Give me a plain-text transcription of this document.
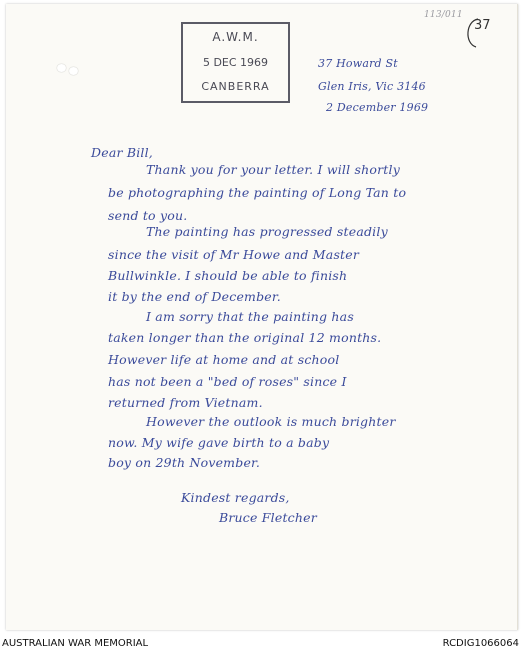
A.W.M.
5 DEC 1969
CANBERRA
37
113/011
37 Howard St
Glen Iris, Vic 3146
2 December 1969
Dear Bill,
Thank you for your letter. I will shortly
be photographing the painting of Long Tan to
send to you.
The painting has progressed steadily
since the visit of Mr Howe and Master
Bullwinkle. I should be able to finish
it by the end of December.
I am sorry that the painting has
taken longer than the original 12 months.
However life at home and at school
has not been a "bed of roses" since I
returned from Vietnam.
However the outlook is much brighter
now. My wife gave birth to a baby
boy on 29th November.
Kindest regards,
Bruce Fletcher
AUSTRALIAN WAR MEMORIAL	RCDIG1066064
